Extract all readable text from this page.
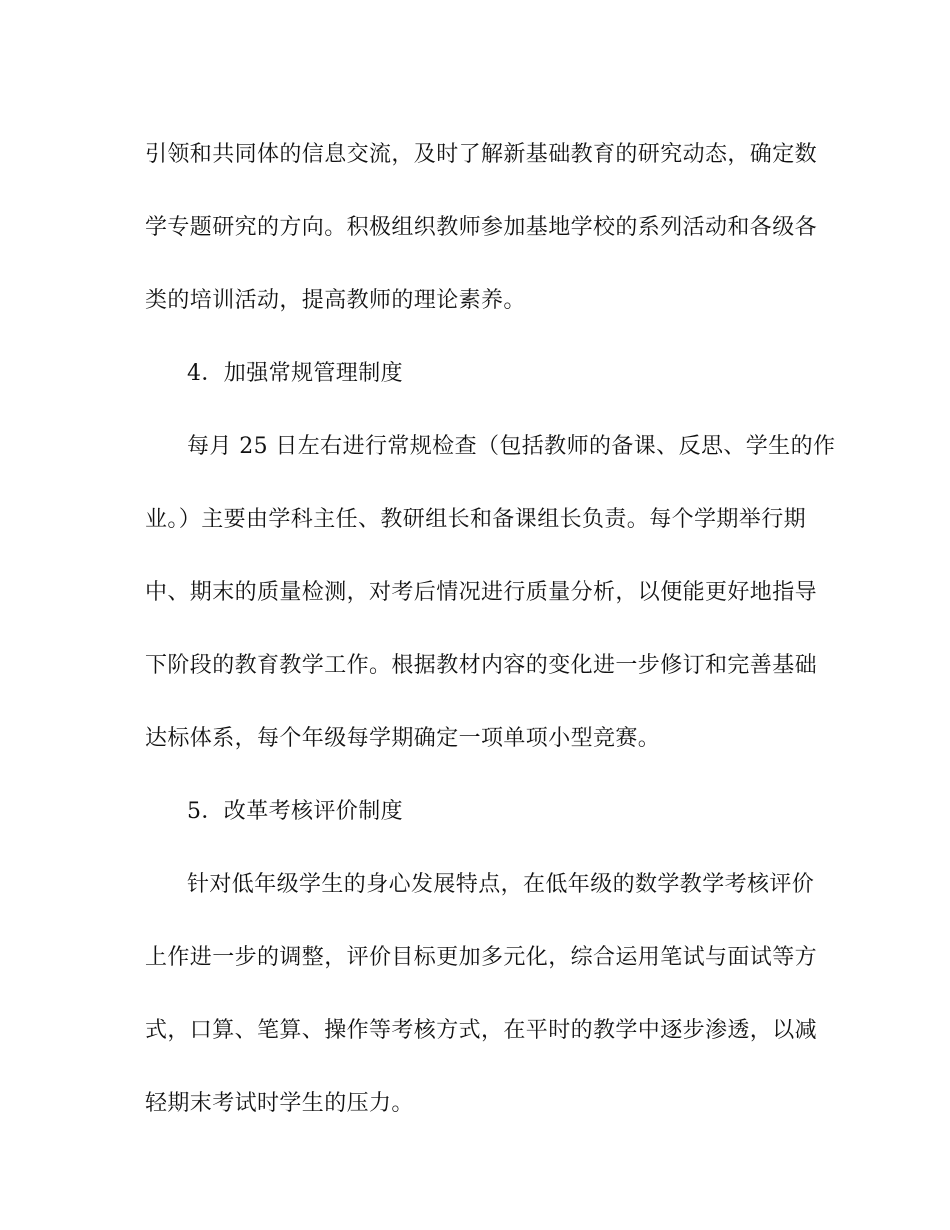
引领和共同体的信息交流，及时了解新基础教育的研究动态，确定数
学专题研究的方向。积极组织教师参加基地学校的系列活动和各级各
类的培训活动，提高教师的理论素养。
4．加强常规管理制度
每月 25 日左右进行常规检查（包括教师的备课、反思、学生的作
业。）主要由学科主任、教研组长和备课组长负责。每个学期举行期
中、期末的质量检测，对考后情况进行质量分析，以便能更好地指导
下阶段的教育教学工作。根据教材内容的变化进一步修订和完善基础
达标体系，每个年级每学期确定一项单项小型竞赛。
5．改革考核评价制度
针对低年级学生的身心发展特点，在低年级的数学教学考核评价
上作进一步的调整，评价目标更加多元化，综合运用笔试与面试等方
式，口算、笔算、操作等考核方式，在平时的教学中逐步渗透，以减
轻期末考试时学生的压力。
